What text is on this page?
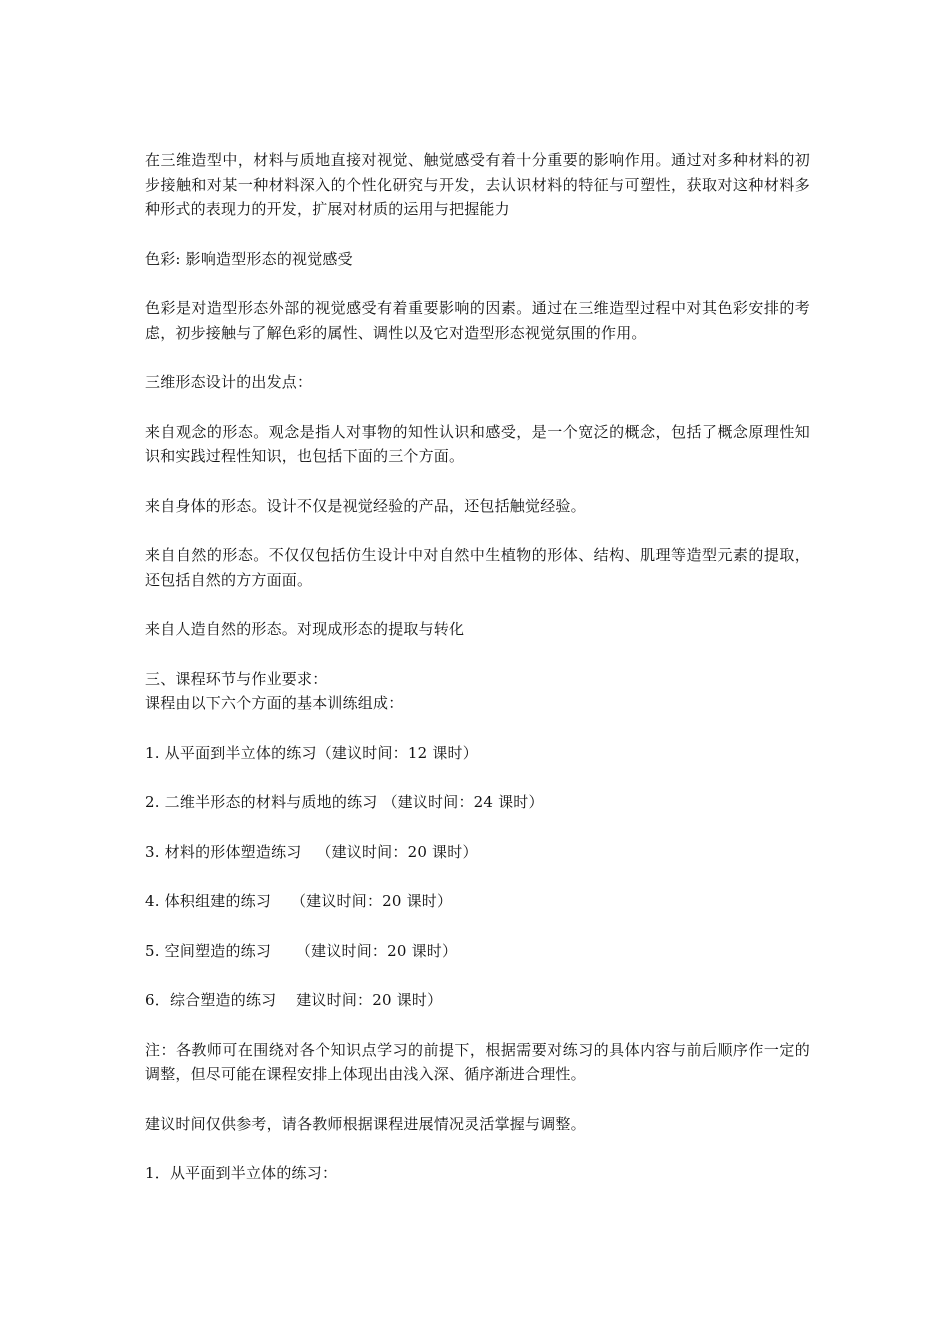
在三维造型中，材料与质地直接对视觉、触觉感受有着十分重要的影响作用。通过对多种材料的初步接触和对某一种材料深入的个性化研究与开发，去认识材料的特征与可塑性，获取对这种材料多种形式的表现力的开发，扩展对材质的运用与把握能力

色彩: 影响造型形态的视觉感受

色彩是对造型形态外部的视觉感受有着重要影响的因素。通过在三维造型过程中对其色彩安排的考虑，初步接触与了解色彩的属性、调性以及它对造型形态视觉氛围的作用。

三维形态设计的出发点：

来自观念的形态。观念是指人对事物的知性认识和感受，是一个宽泛的概念，包括了概念原理性知识和实践过程性知识，也包括下面的三个方面。

来自身体的形态。设计不仅是视觉经验的产品，还包括触觉经验。

来自自然的形态。不仅仅包括仿生设计中对自然中生植物的形体、结构、肌理等造型元素的提取，还包括自然的方方面面。

来自人造自然的形态。对现成形态的提取与转化

三、课程环节与作业要求：

课程由以下六个方面的基本训练组成：

1. 从平面到半立体的练习（建议时间：12 课时）

2. 二维半形态的材料与质地的练习 （建议时间：24 课时）

3. 材料的形体塑造练习   （建议时间：20 课时）

4. 体积组建的练习    （建议时间：20 课时）

5. 空间塑造的练习     （建议时间：20 课时）

6．综合塑造的练习    建议时间：20 课时）

注：各教师可在围绕对各个知识点学习的前提下，根据需要对练习的具体内容与前后顺序作一定的调整，但尽可能在课程安排上体现出由浅入深、循序渐进合理性。

建议时间仅供参考，请各教师根据课程进展情况灵活掌握与调整。

1．从平面到半立体的练习：
